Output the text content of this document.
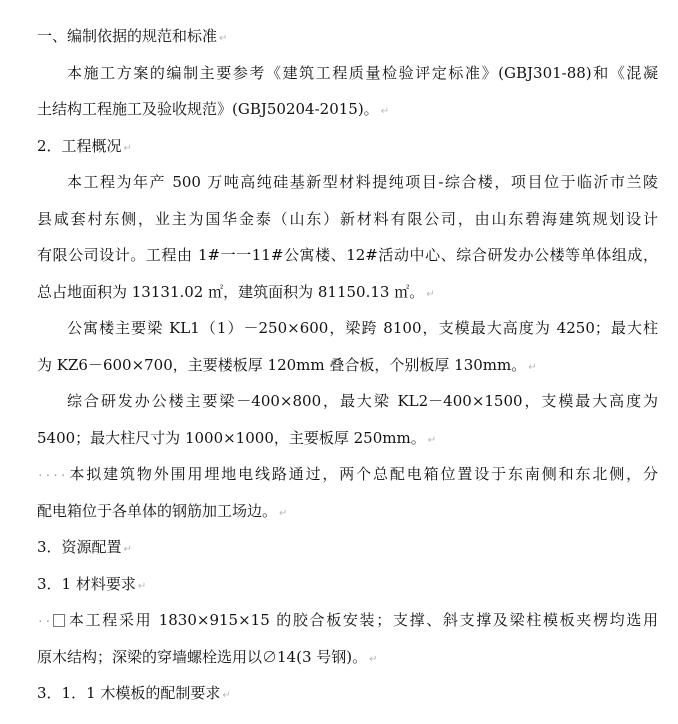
一、编制依据的规范和标准 ↵
本施工方案的编制主要参考《建筑工程质量检验评定标准》(GBJ301-88)和《混凝
土结构工程施工及验收规范》(GBJ50204-2015)。 ↵
2．工程概况 ↵
本工程为年产 500 万吨高纯硅基新型材料提纯项目-综合楼，项目位于临沂市兰陵
县咸套村东侧，业主为国华金泰（山东）新材料有限公司，由山东碧海建筑规划设计
有限公司设计。工程由 1#一一11#公寓楼、12#活动中心、综合研发办公楼等单体组成，
总占地面积为 13131.02 ㎡，建筑面积为 81150.13 ㎡。 ↵
公寓楼主要梁 KL1（1）－250×600，梁跨 8100，支模最大高度为 4250；最大柱
为 KZ6－600×700，主要楼板厚 120mm 叠合板，个别板厚 130mm。 ↵
综合研发办公楼主要梁－400×800，最大梁 KL2－400×1500，支模最大高度为
5400；最大柱尺寸为 1000×1000，主要板厚 250mm。 ↵
····本拟建筑物外围用埋地电线路通过，两个总配电箱位置设于东南侧和东北侧，分
配电箱位于各单体的钢筋加工场边。 ↵
3．资源配置 ↵
3．1 材料要求 ↵
·· 本工程采用 1830×915×15 的胶合板安装；支撑、斜支撑及梁柱模板夹楞均选用
原木结构；深梁的穿墙螺栓选用以∅14(3 号钢)。 ↵
3．1．1 木模板的配制要求 ↵
